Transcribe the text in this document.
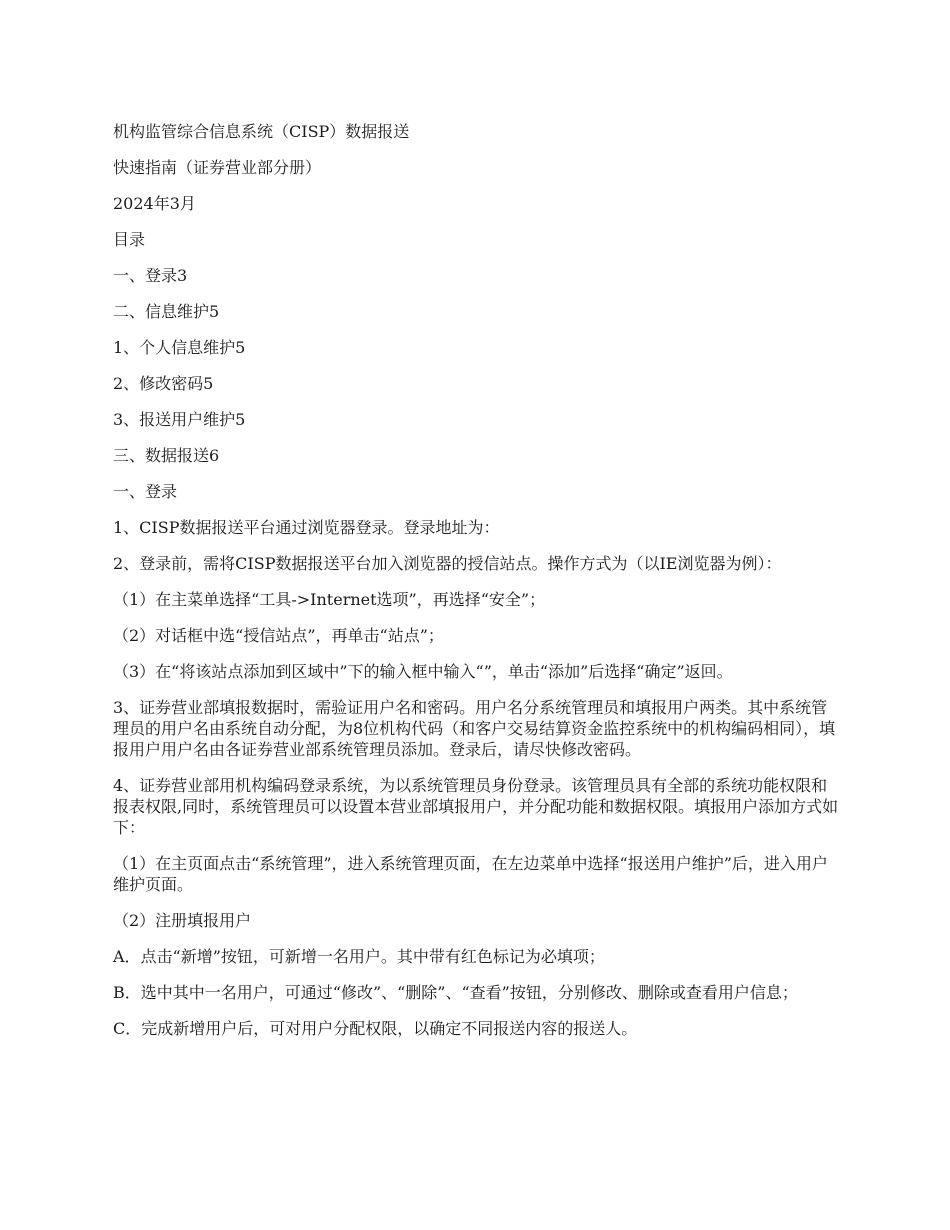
机构监管综合信息系统（CISP）数据报送

快速指南（证券营业部分册）

2024年3月

目录

一、登录3

二、信息维护5

1、个人信息维护5

2、修改密码5

3、报送用户维护5

三、数据报送6

一、登录

1、CISP数据报送平台通过浏览器登录。登录地址为：

2、登录前，需将CISP数据报送平台加入浏览器的授信站点。操作方式为（以IE浏览器为例）：

（1）在主菜单选择“工具->Internet选项”，再选择“安全”；

（2）对话框中选“授信站点”，再单击“站点”；

（3）在“将该站点添加到区域中”下的输入框中输入“”，单击“添加”后选择“确定”返回。

3、证券营业部填报数据时，需验证用户名和密码。用户名分系统管理员和填报用户两类。其中系统管理员的用户名由系统自动分配，为8位机构代码（和客户交易结算资金监控系统中的机构编码相同），填报用户用户名由各证券营业部系统管理员添加。登录后，请尽快修改密码。

4、证券营业部用机构编码登录系统，为以系统管理员身份登录。该管理员具有全部的系统功能权限和报表权限,同时，系统管理员可以设置本营业部填报用户，并分配功能和数据权限。填报用户添加方式如下：

（1）在主页面点击“系统管理”，进入系统管理页面，在左边菜单中选择“报送用户维护”后，进入用户维护页面。

（2）注册填报用户

A．点击“新增”按钮，可新增一名用户。其中带有红色标记为必填项；

B．选中其中一名用户，可通过“修改”、“删除”、“查看”按钮，分别修改、删除或查看用户信息；

C．完成新增用户后，可对用户分配权限，以确定不同报送内容的报送人。
